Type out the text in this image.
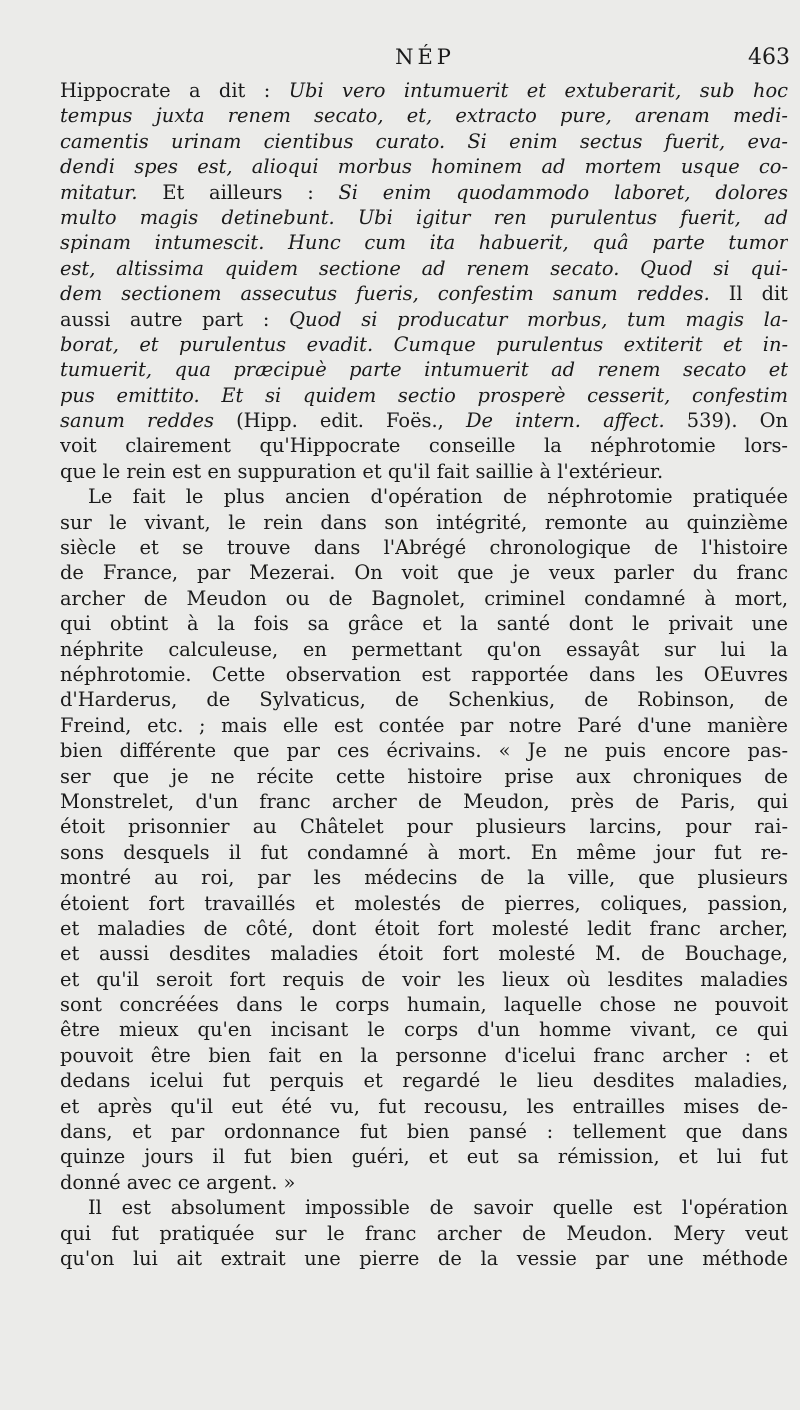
NÉP	463
Hippocrate a dit : Ubi vero intumuerit et extuberarit, sub hoc
tempus juxta renem secato, et, extracto pure, arenam medi-
camentis urinam cientibus curato. Si enim sectus fuerit, eva-
dendi spes est, alioqui morbus hominem ad mortem usque co-
mitatur. Et ailleurs : Si enim quodammodo laboret, dolores
multo magis detinebunt. Ubi igitur ren purulentus fuerit, ad
spinam intumescit. Hunc cum ita habuerit, quâ parte tumor
est, altissima quidem sectione ad renem secato. Quod si qui-
dem sectionem assecutus fueris, confestim sanum reddes. Il dit
aussi autre part : Quod si producatur morbus, tum magis la-
borat, et purulentus evadit. Cumque purulentus extiterit et in-
tumuerit, qua præcipuè parte intumuerit ad renem secato et
pus emittito. Et si quidem sectio prosperè cesserit, confestim
sanum reddes (Hipp. edit. Foës., De intern. affect. 539). On
voit clairement qu'Hippocrate conseille la néphrotomie lors-
que le rein est en suppuration et qu'il fait saillie à l'extérieur.
Le fait le plus ancien d'opération de néphrotomie pratiquée
sur le vivant, le rein dans son intégrité, remonte au quinzième
siècle et se trouve dans l'Abrégé chronologique de l'histoire
de France, par Mezerai. On voit que je veux parler du franc
archer de Meudon ou de Bagnolet, criminel condamné à mort,
qui obtint à la fois sa grâce et la santé dont le privait une
néphrite calculeuse, en permettant qu'on essayât sur lui la
néphrotomie. Cette observation est rapportée dans les OEuvres
d'Harderus, de Sylvaticus, de Schenkius, de Robinson, de
Freind, etc. ; mais elle est contée par notre Paré d'une manière
bien différente que par ces écrivains. « Je ne puis encore pas-
ser que je ne récite cette histoire prise aux chroniques de
Monstrelet, d'un franc archer de Meudon, près de Paris, qui
étoit prisonnier au Châtelet pour plusieurs larcins, pour rai-
sons desquels il fut condamné à mort. En même jour fut re-
montré au roi, par les médecins de la ville, que plusieurs
étoient fort travaillés et molestés de pierres, coliques, passion,
et maladies de côté, dont étoit fort molesté ledit franc archer,
et aussi desdites maladies étoit fort molesté M. de Bouchage,
et qu'il seroit fort requis de voir les lieux où lesdites maladies
sont concréées dans le corps humain, laquelle chose ne pouvoit
être mieux qu'en incisant le corps d'un homme vivant, ce qui
pouvoit être bien fait en la personne d'icelui franc archer : et
dedans icelui fut perquis et regardé le lieu desdites maladies,
et après qu'il eut été vu, fut recousu, les entrailles mises de-
dans, et par ordonnance fut bien pansé : tellement que dans
quinze jours il fut bien guéri, et eut sa rémission, et lui fut
donné avec ce argent. »
Il est absolument impossible de savoir quelle est l'opération
qui fut pratiquée sur le franc archer de Meudon. Mery veut
qu'on lui ait extrait une pierre de la vessie par une méthode
